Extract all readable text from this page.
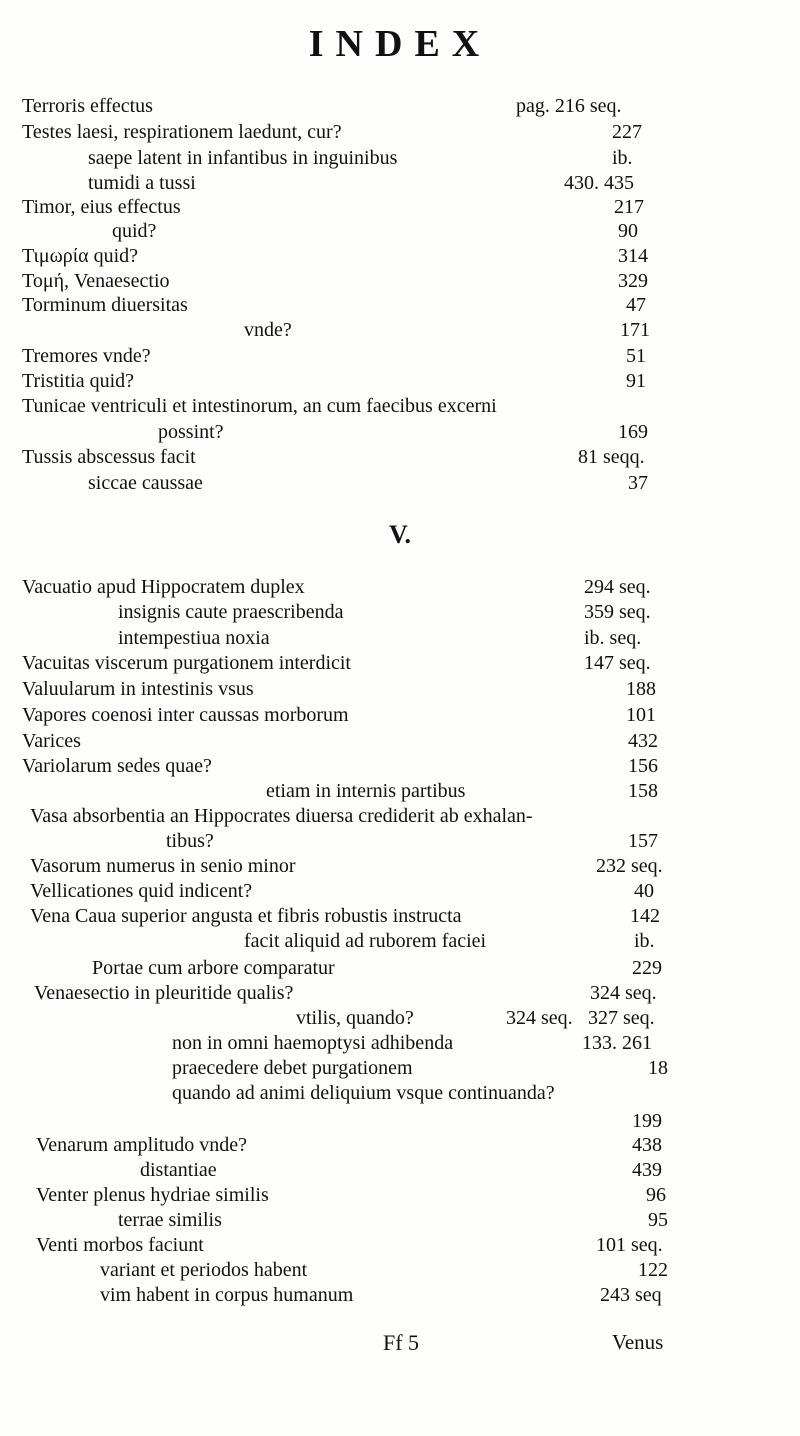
INDEX
Terroris effectus	pag. 216 seq.
Testes laesi, respirationem laedunt, cur?	227
saepe latent in infantibus in inguinibus	ib.
tumidi a tussi	430. 435
Timor, eius effectus	217
quid?	90
Τιμωρία quid?	314
Τομή, Venaesectio	329
Torminum diuersitas	47
vnde?	171
Tremores vnde?	51
Tristitia quid?	91
Tunicae ventriculi et intestinorum, an cum faecibus excerni
possint?	169
Tussis abscessus facit	81 seqq.
siccae caussae	37
V.
Vacuatio apud Hippocratem duplex	294 seq.
insignis caute praescribenda	359 seq.
intempestiua noxia	ib. seq.
Vacuitas viscerum purgationem interdicit	147 seq.
Valuularum in intestinis vsus	188
Vapores coenosi inter caussas morborum	101
Varices	432
Variolarum sedes quae?	156
etiam in internis partibus	158
Vasa absorbentia an Hippocrates diuersa crediderit ab exhalan-
tibus?	157
Vasorum numerus in senio minor	232 seq.
Vellicationes quid indicent?	40
Vena Caua superior angusta et fibris robustis instructa	142
facit aliquid ad ruborem faciei	ib.
Portae cum arbore comparatur	229
Venaesectio in pleuritide qualis?	324 seq.
vtilis, quando?	324 seq. 327 seq.
non in omni haemoptysi adhibenda	133. 261
praecedere debet purgationem	18
quando ad animi deliquium vsque continuanda?
199
Venarum amplitudo vnde?	438
distantiae	439
Venter plenus hydriae similis	96
terrae similis	95
Venti morbos faciunt	101 seq.
variant et periodos habent	122
vim habent in corpus humanum	243 seq
Ff 5	Venus
